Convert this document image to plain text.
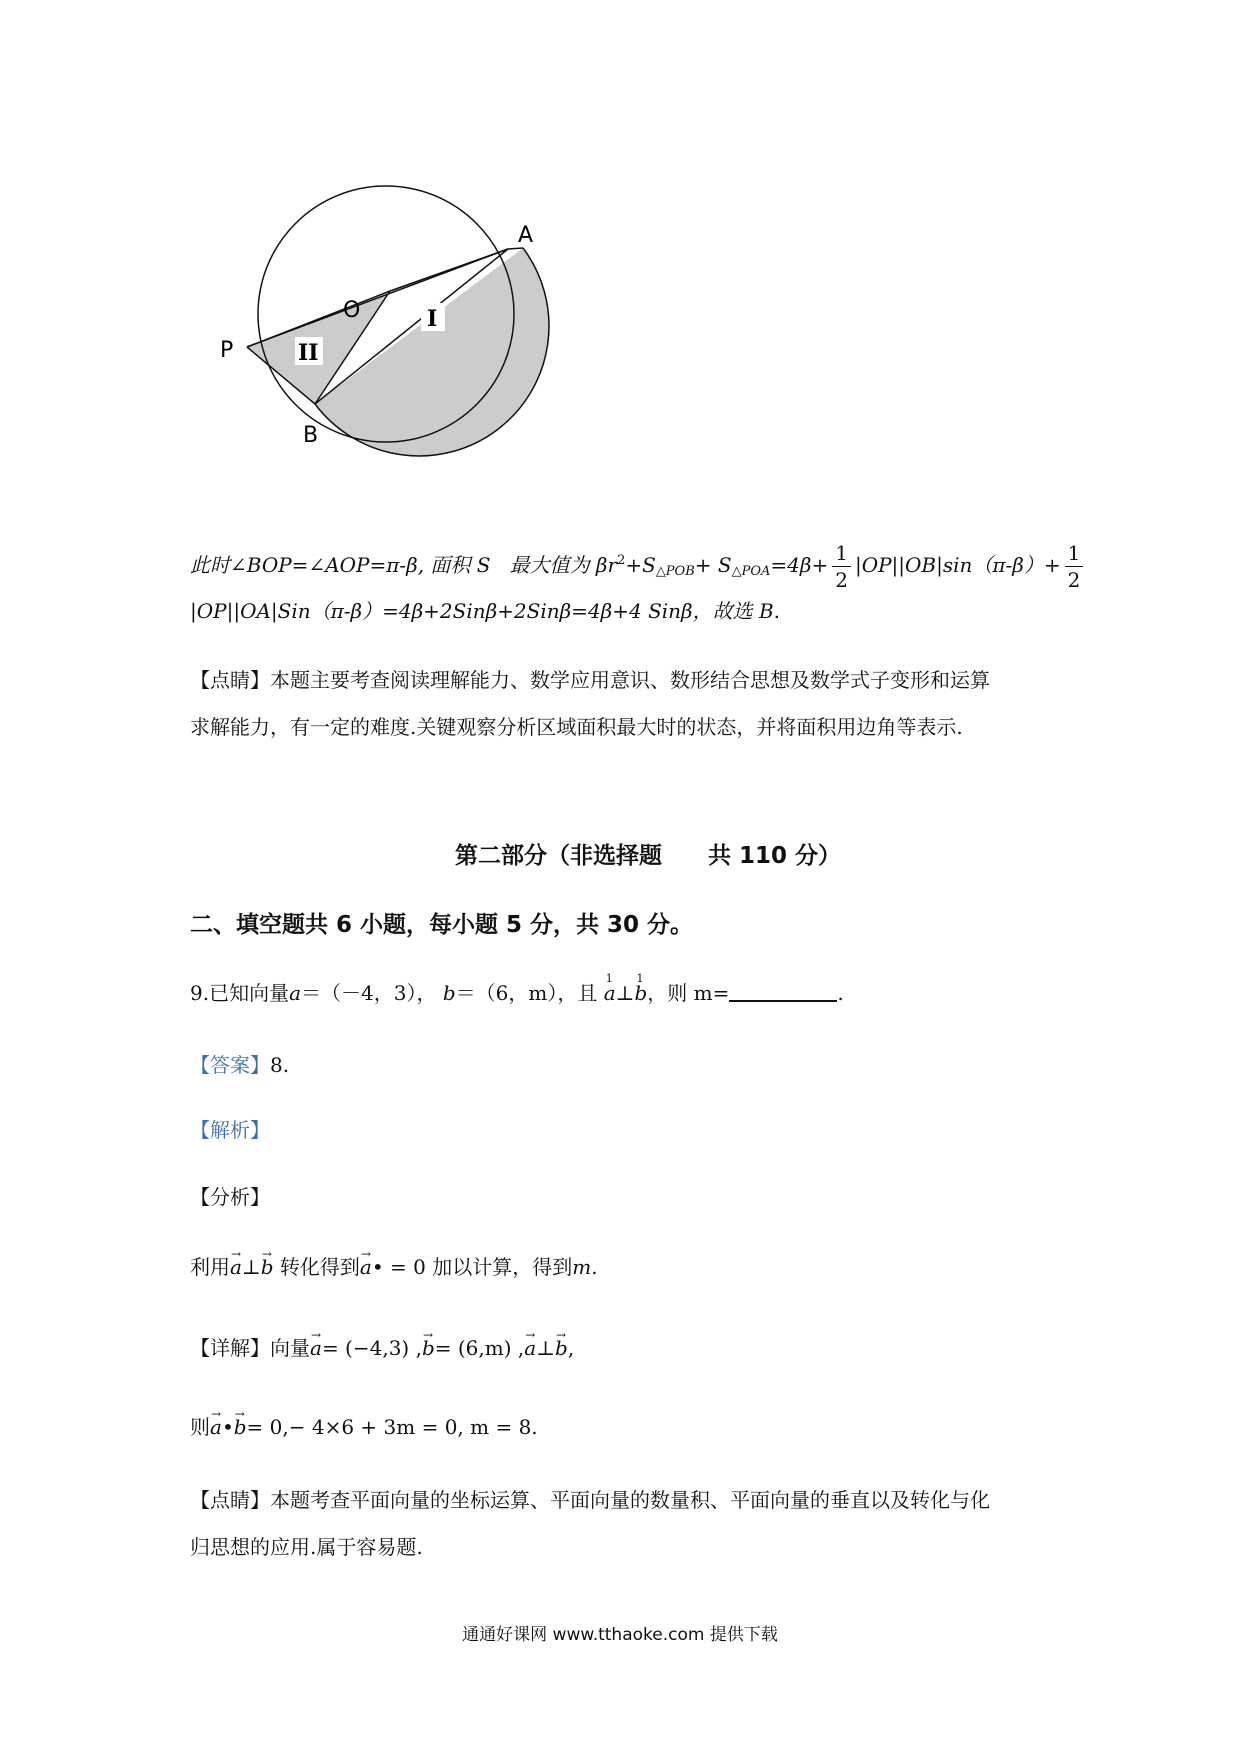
A
P
O
B
I
II
此时∠BOP=∠AOP=π-β, 面积 S 最大值为 $\beta r^2+S_{\triangle POB}+ S_{\triangle POA}=4\beta+ \frac{1}{2} |OP||OB|\sin(\pi-\beta)+ \frac{1}{2}$
|OP||OA|Sin（π-β）=4β+2Sinβ+2Sinβ=4β+4 Sinβ，故选 B.
【点睛】本题主要考查阅读理解能力、数学应用意识、数形结合思想及数学式子变形和运算
求解能力，有一定的难度.关键观察分析区域面积最大时的状态，并将面积用边角等表示.
第二部分（非选择题　　共 110 分）
二、填空题共 6 小题，每小题 5 分，共 30 分。
9.已知向量a＝（－4，3）， b＝（6，m），且 1 a⊥1 b，则 m=	.
【答案】8.
【解析】
【分析】
利用→ a⊥→ b 转化得到→ a• = 0 加以计算，得到m.
【详解】向量→ a= (−4,3) ,→ b= (6,m) ,→ a⊥→ b,
则→ a•→ b= 0,− 4×6 + 3m = 0, m = 8.
【点睛】本题考查平面向量的坐标运算、平面向量的数量积、平面向量的垂直以及转化与化
归思想的应用.属于容易题.
通通好课网 www.tthaoke.com 提供下载
